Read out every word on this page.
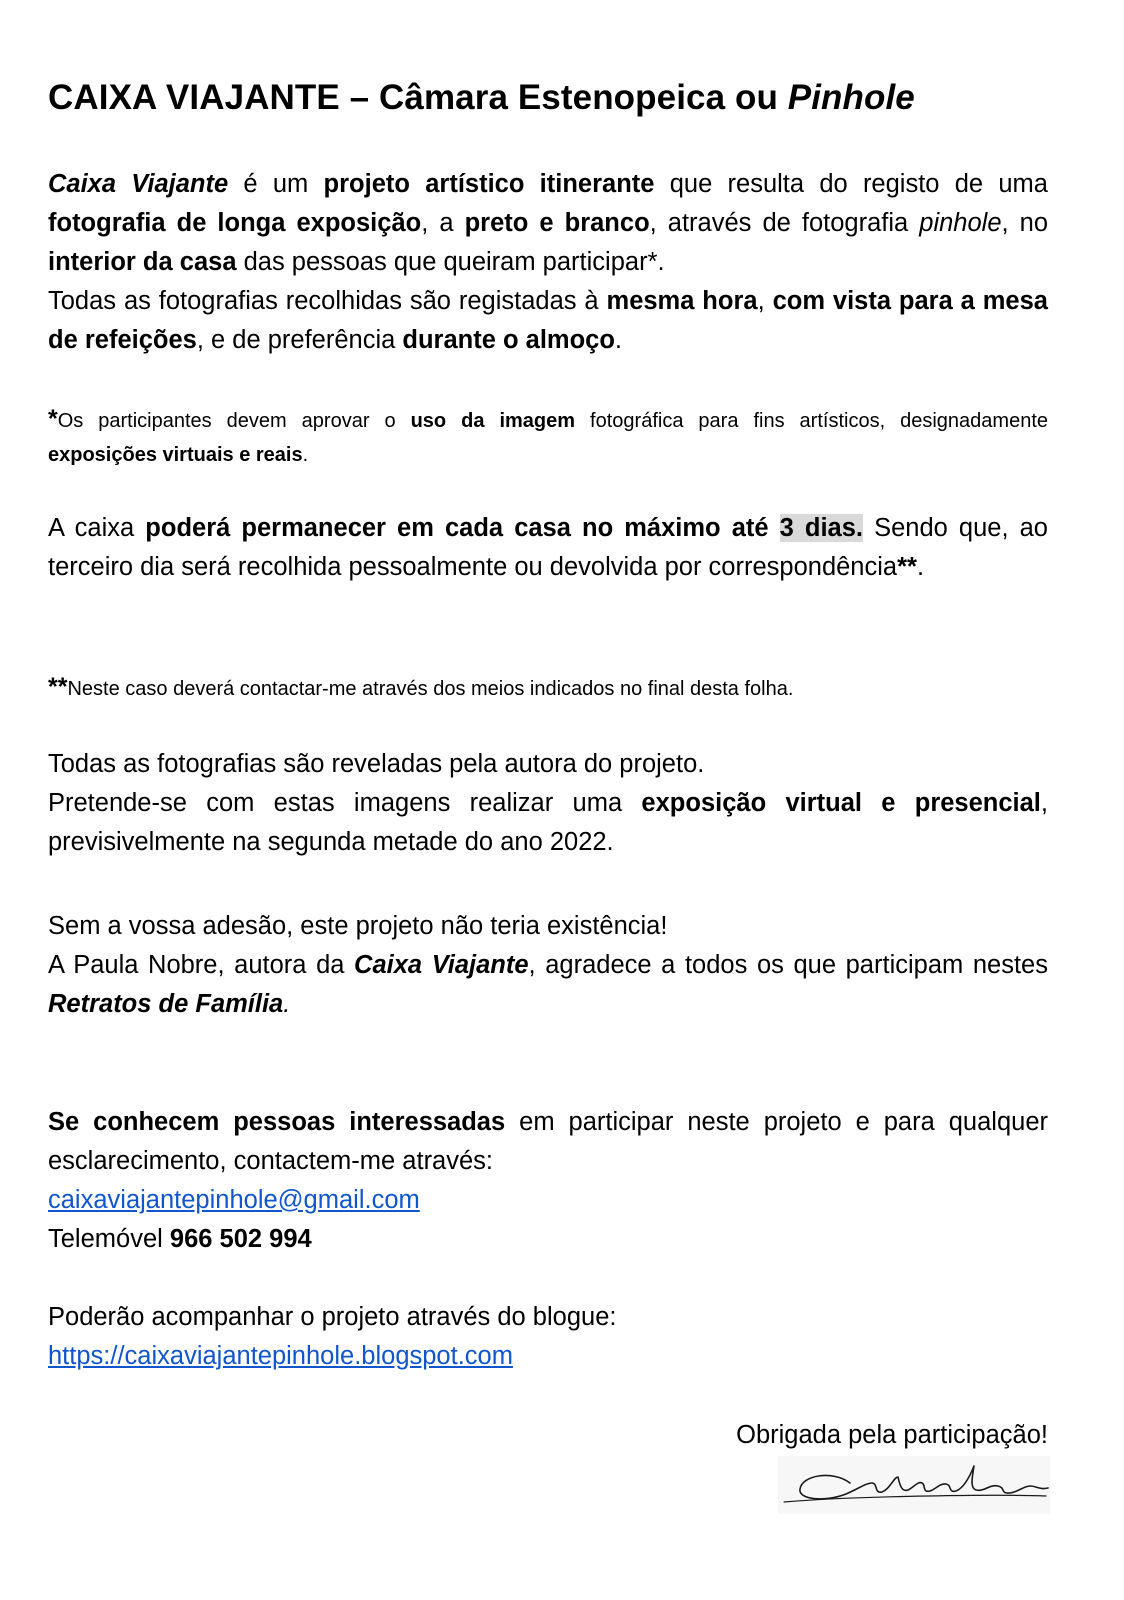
CAIXA VIAJANTE – Câmara Estenopeica ou Pinhole
Caixa Viajante é um projeto artístico itinerante que resulta do registo de uma fotografia de longa exposição, a preto e branco, através de fotografia pinhole, no interior da casa das pessoas que queiram participar*.
Todas as fotografias recolhidas são registadas à mesma hora, com vista para a mesa de refeições, e de preferência durante o almoço.
*Os participantes devem aprovar o uso da imagem fotográfica para fins artísticos, designadamente exposições virtuais e reais.
A caixa poderá permanecer em cada casa no máximo até 3 dias. Sendo que, ao terceiro dia será recolhida pessoalmente ou devolvida por correspondência**.
**Neste caso deverá contactar-me através dos meios indicados no final desta folha.
Todas as fotografias são reveladas pela autora do projeto.
Pretende-se com estas imagens realizar uma exposição virtual e presencial, previsivelmente na segunda metade do ano 2022.
Sem a vossa adesão, este projeto não teria existência!
A Paula Nobre, autora da Caixa Viajante, agradece a todos os que participam nestes Retratos de Família.
Se conhecem pessoas interessadas em participar neste projeto e para qualquer esclarecimento, contactem-me através:
caixaviajantepinhole@gmail.com
Telemóvel 966 502 994
Poderão acompanhar o projeto através do blogue:
https://caixaviajantepinhole.blogspot.com
Obrigada pela participação!
